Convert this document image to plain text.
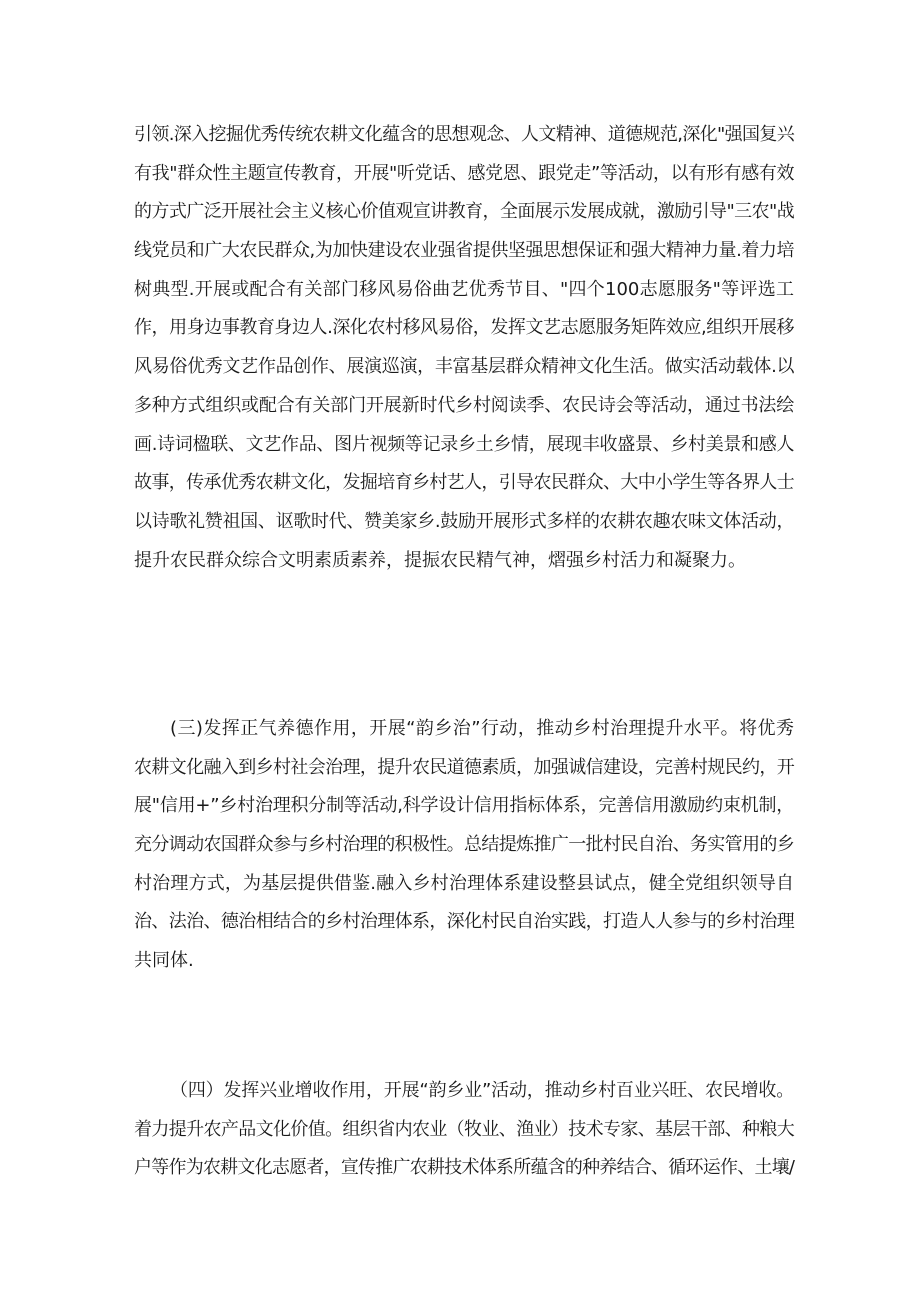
引领.深入挖掘优秀传统农耕文化蕴含的思想观念、人文精神、道德规范,深化"强国复兴
有我"群众性主题宣传教育，开展"听党话、感党恩、跟党走”等活动，以有形有感有效
的方式广泛开展社会主义核心价值观宣讲教育，全面展示发展成就，激励引导"三农"战
线党员和广大农民群众,为加快建设农业强省提供坚强思想保证和强大精神力量.着力培
树典型.开展或配合有关部门移风易俗曲艺优秀节目、"四个100志愿服务"等评选工
作，用身边事教育身边人.深化农村移风易俗，发挥文艺志愿服务矩阵效应,组织开展移
风易俗优秀文艺作品创作、展演巡演，丰富基层群众精神文化生活。做实活动载体.以
多种方式组织或配合有关部门开展新时代乡村阅读季、农民诗会等活动，通过书法绘
画.诗词楹联、文艺作品、图片视频等记录乡土乡情，展现丰收盛景、乡村美景和感人
故事，传承优秀农耕文化，发掘培育乡村艺人，引导农民群众、大中小学生等各界人士
以诗歌礼赞祖国、讴歌时代、赞美家乡.鼓励开展形式多样的农耕农趣农味文体活动，
提升农民群众综合文明素质素养，提振农民精气神，熠强乡村活力和凝聚力。
(三)发挥正气养德作用，开展“韵乡治”行动，推动乡村治理提升水平。将优秀
农耕文化融入到乡村社会治理，提升农民道德素质，加强诚信建设，完善村规民约，开
展"信用+”乡村治理积分制等活动,科学设计信用指标体系，完善信用激励约束机制，
充分调动农国群众参与乡村治理的积极性。总结提炼推广一批村民自治、务实管用的乡
村治理方式，为基层提供借鉴.融入乡村治理体系建设整县试点，健全党组织领导自
治、法治、德治相结合的乡村治理体系，深化村民自治实践，打造人人参与的乡村治理
共同体.
（四）发挥兴业增收作用，开展“韵乡业”活动，推动乡村百业兴旺、农民增收。
着力提升农产品文化价值。组织省内农业（牧业、渔业）技术专家、基层干部、种粮大
户等作为农耕文化志愿者，宣传推广农耕技术体系所蕴含的种养结合、循环运作、土壤/
